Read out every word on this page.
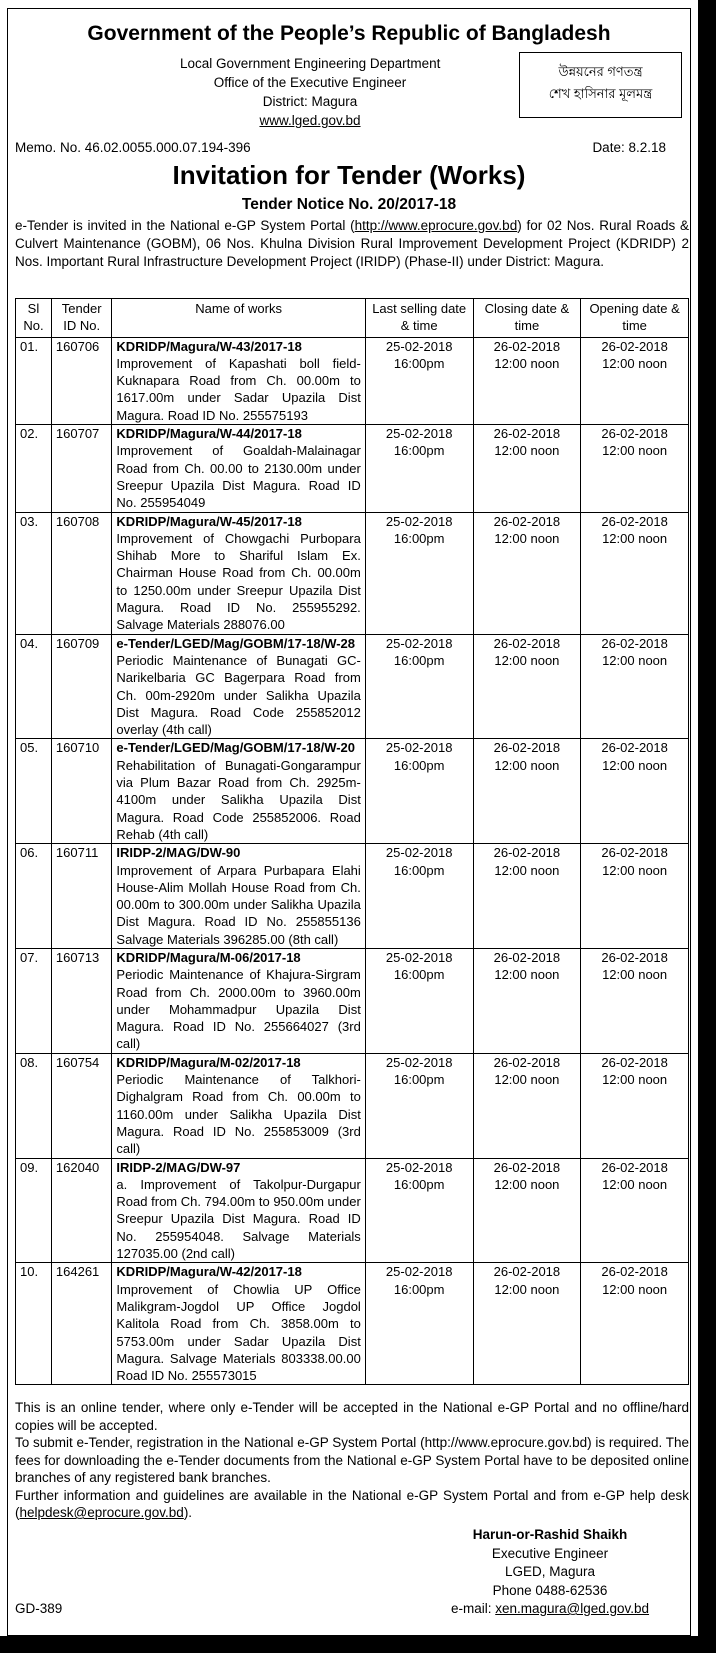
Government of the People’s Republic of Bangladesh
Local Government Engineering Department
Office of the Executive Engineer
District: Magura
www.lged.gov.bd
উন্নয়নের গণতন্ত্র
শেখ হাসিনার মূলমন্ত্র
Memo. No. 46.02.0055.000.07.194-396	Date: 8.2.18
Invitation for Tender (Works)
Tender Notice No. 20/2017-18
e-Tender is invited in the National e-GP System Portal (http://www.eprocure.gov.bd) for 02 Nos. Rural Roads & Culvert Maintenance (GOBM), 06 Nos. Khulna Division Rural Improvement Development Project (KDRIDP) 2 Nos. Important Rural Infrastructure Development Project (IRIDP) (Phase-II) under District: Magura.
Sl No.	Tender ID No.	Name of works	Last selling date & time	Closing date & time	Opening date & time
01.	160706	KDRIDP/Magura/W-43/2017-18
Improvement of Kapashati boll field-Kuknapara Road from Ch. 00.00m to 1617.00m under Sadar Upazila Dist Magura. Road ID No. 255575193	25-02-2018 16:00pm	26-02-2018 12:00 noon	26-02-2018 12:00 noon
02.	160707	KDRIDP/Magura/W-44/2017-18
Improvement of Goaldah-Malainagar Road from Ch. 00.00 to 2130.00m under Sreepur Upazila Dist Magura. Road ID No. 255954049	25-02-2018 16:00pm	26-02-2018 12:00 noon	26-02-2018 12:00 noon
03.	160708	KDRIDP/Magura/W-45/2017-18
Improvement of Chowgachi Purbopara Shihab More to Shariful Islam Ex. Chairman House Road from Ch. 00.00m to 1250.00m under Sreepur Upazila Dist Magura. Road ID No. 255955292. Salvage Materials 288076.00	25-02-2018 16:00pm	26-02-2018 12:00 noon	26-02-2018 12:00 noon
04.	160709	e-Tender/LGED/Mag/GOBM/17-18/W-28
Periodic Maintenance of Bunagati GC-Narikelbaria GC Bagerpara Road from Ch. 00m-2920m under Salikha Upazila Dist Magura. Road Code 255852012 overlay (4th call)	25-02-2018 16:00pm	26-02-2018 12:00 noon	26-02-2018 12:00 noon
05.	160710	e-Tender/LGED/Mag/GOBM/17-18/W-20
Rehabilitation of Bunagati-Gongarampur via Plum Bazar Road from Ch. 2925m-4100m under Salikha Upazila Dist Magura. Road Code 255852006. Road Rehab (4th call)	25-02-2018 16:00pm	26-02-2018 12:00 noon	26-02-2018 12:00 noon
06.	160711	IRIDP-2/MAG/DW-90
Improvement of Arpara Purbapara Elahi House-Alim Mollah House Road from Ch. 00.00m to 300.00m under Salikha Upazila Dist Magura. Road ID No. 255855136 Salvage Materials 396285.00 (8th call)	25-02-2018 16:00pm	26-02-2018 12:00 noon	26-02-2018 12:00 noon
07.	160713	KDRIDP/Magura/M-06/2017-18
Periodic Maintenance of Khajura-Sirgram Road from Ch. 2000.00m to 3960.00m under Mohammadpur Upazila Dist Magura. Road ID No. 255664027 (3rd call)	25-02-2018 16:00pm	26-02-2018 12:00 noon	26-02-2018 12:00 noon
08.	160754	KDRIDP/Magura/M-02/2017-18
Periodic Maintenance of Talkhori-Dighalgram Road from Ch. 00.00m to 1160.00m under Salikha Upazila Dist Magura. Road ID No. 255853009 (3rd call)	25-02-2018 16:00pm	26-02-2018 12:00 noon	26-02-2018 12:00 noon
09.	162040	IRIDP-2/MAG/DW-97
a. Improvement of Takolpur-Durgapur Road from Ch. 794.00m to 950.00m under Sreepur Upazila Dist Magura. Road ID No. 255954048. Salvage Materials 127035.00 (2nd call)	25-02-2018 16:00pm	26-02-2018 12:00 noon	26-02-2018 12:00 noon
10.	164261	KDRIDP/Magura/W-42/2017-18
Improvement of Chowlia UP Office Malikgram-Jogdol UP Office Jogdol Kalitola Road from Ch. 3858.00m to 5753.00m under Sadar Upazila Dist Magura. Salvage Materials 803338.00.00 Road ID No. 255573015	25-02-2018 16:00pm	26-02-2018 12:00 noon	26-02-2018 12:00 noon

This is an online tender, where only e-Tender will be accepted in the National e-GP Portal and no offline/hard copies will be accepted.

To submit e-Tender, registration in the National e-GP System Portal (http://www.eprocure.gov.bd) is required. The fees for downloading the e-Tender documents from the National e-GP System Portal have to be deposited online branches of any registered bank branches.

Further information and guidelines are available in the National e-GP System Portal and from e-GP help desk (helpdesk@eprocure.gov.bd).

Harun-or-Rashid Shaikh
Executive Engineer
LGED, Magura
Phone 0488-62536
e-mail: xen.magura@lged.gov.bd
GD-389
